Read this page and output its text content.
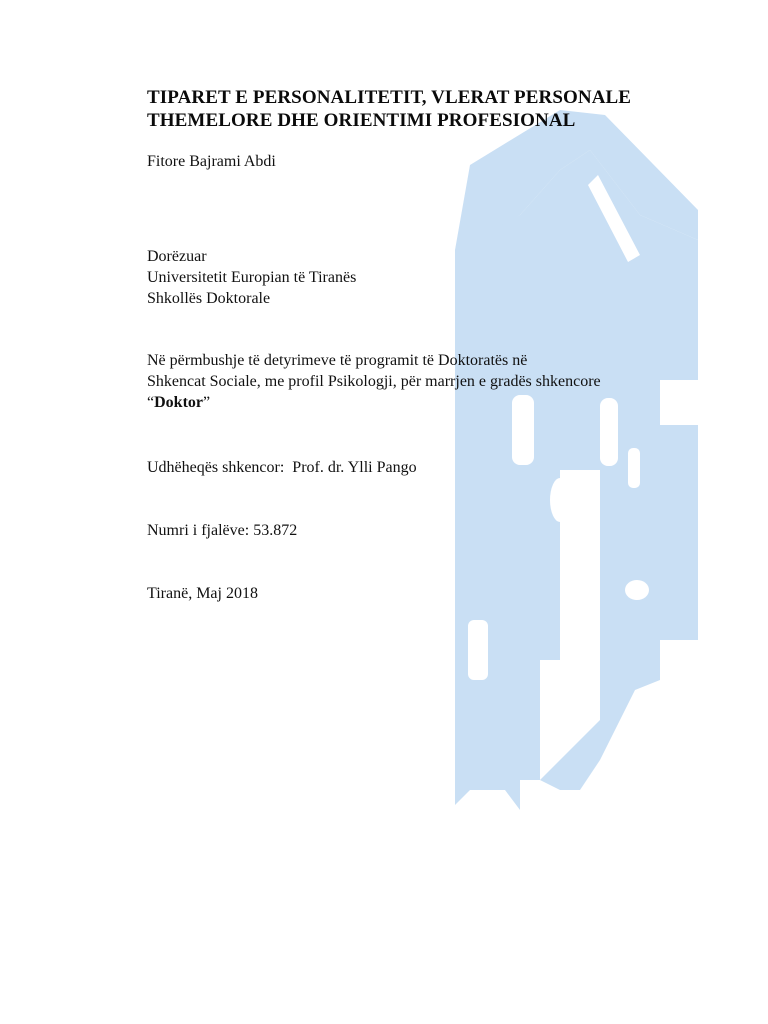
TIPARET E PERSONALITETIT, VLERAT PERSONALE

THEMELORE DHE ORIENTIMI PROFESIONAL

Fitore Bajrami Abdi

Dorëzuar

Universitetit Europian të Tiranës

Shkollës Doktorale

Në përmbushje të detyrimeve të programit të Doktoratës në

Shkencat Sociale, me profil Psikologji, për marrjen e gradës shkencore

“Doktor”

Udhëheqës shkencor:  Prof. dr. Ylli Pango

Numri i fjalëve: 53.872

Tiranë, Maj 2018
